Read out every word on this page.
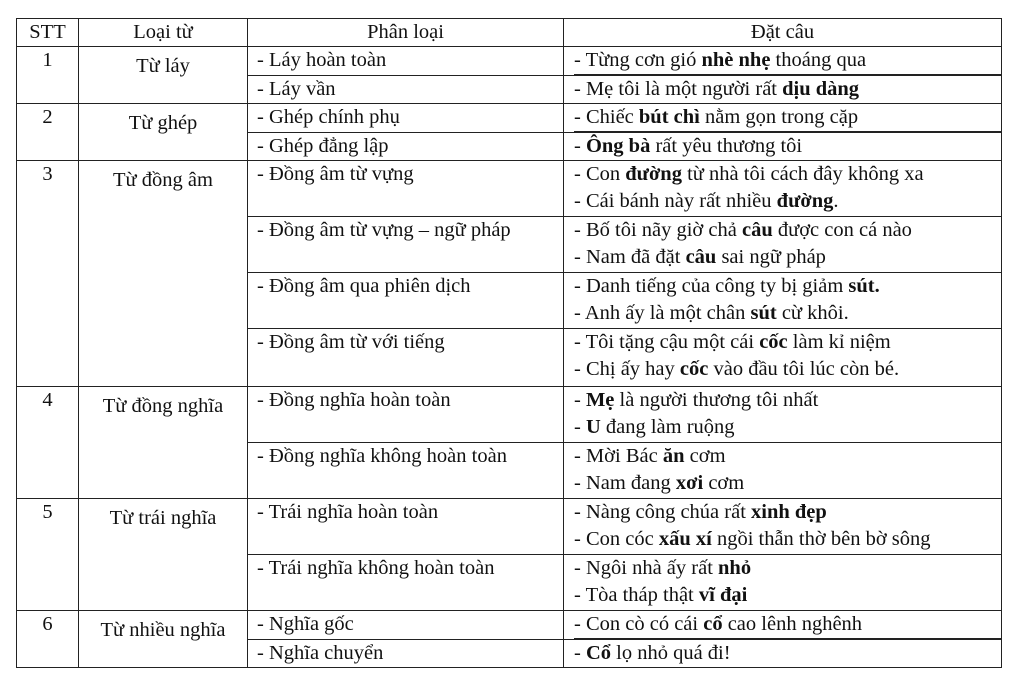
STT	Loại từ	Phân loại	Đặt câu
1	Từ láy	- Láy hoàn toàn	- Từng cơn gió nhè nhẹ thoáng qua

		- Láy vần	- Mẹ tôi là một người rất dịu dàng

2	Từ ghép	- Ghép chính phụ	- Chiếc bút chì nằm gọn trong cặp

		- Ghép đẳng lập	- Ông bà rất yêu thương tôi

3	Từ đồng âm	- Đồng âm từ vựng	- Con đường từ nhà tôi cách đây không xa
- Cái bánh này rất nhiều đường.

		- Đồng âm từ vựng – ngữ pháp	- Bố tôi nãy giờ chả câu được con cá nào
- Nam đã đặt câu sai ngữ pháp

		- Đồng âm qua phiên dịch	- Danh tiếng của công ty bị giảm sút.
- Anh ấy là một chân sút cừ khôi.

		- Đồng âm từ với tiếng	- Tôi tặng cậu một cái cốc làm kỉ niệm
- Chị ấy hay cốc vào đầu tôi lúc còn bé.

4	Từ đồng nghĩa	- Đồng nghĩa hoàn toàn	- Mẹ là người thương tôi nhất
- U đang làm ruộng

		- Đồng nghĩa không hoàn toàn	- Mời Bác ăn cơm
- Nam đang xơi cơm

5	Từ trái nghĩa	- Trái nghĩa hoàn toàn	- Nàng công chúa rất xinh đẹp
- Con cóc xấu xí ngồi thẫn thờ bên bờ sông

		- Trái nghĩa không hoàn toàn	- Ngôi nhà ấy rất nhỏ
- Tòa tháp thật vĩ đại

6	Từ nhiều nghĩa	- Nghĩa gốc	- Con cò có cái cổ cao lênh nghênh

		- Nghĩa chuyển	- Cổ lọ nhỏ quá đi!
